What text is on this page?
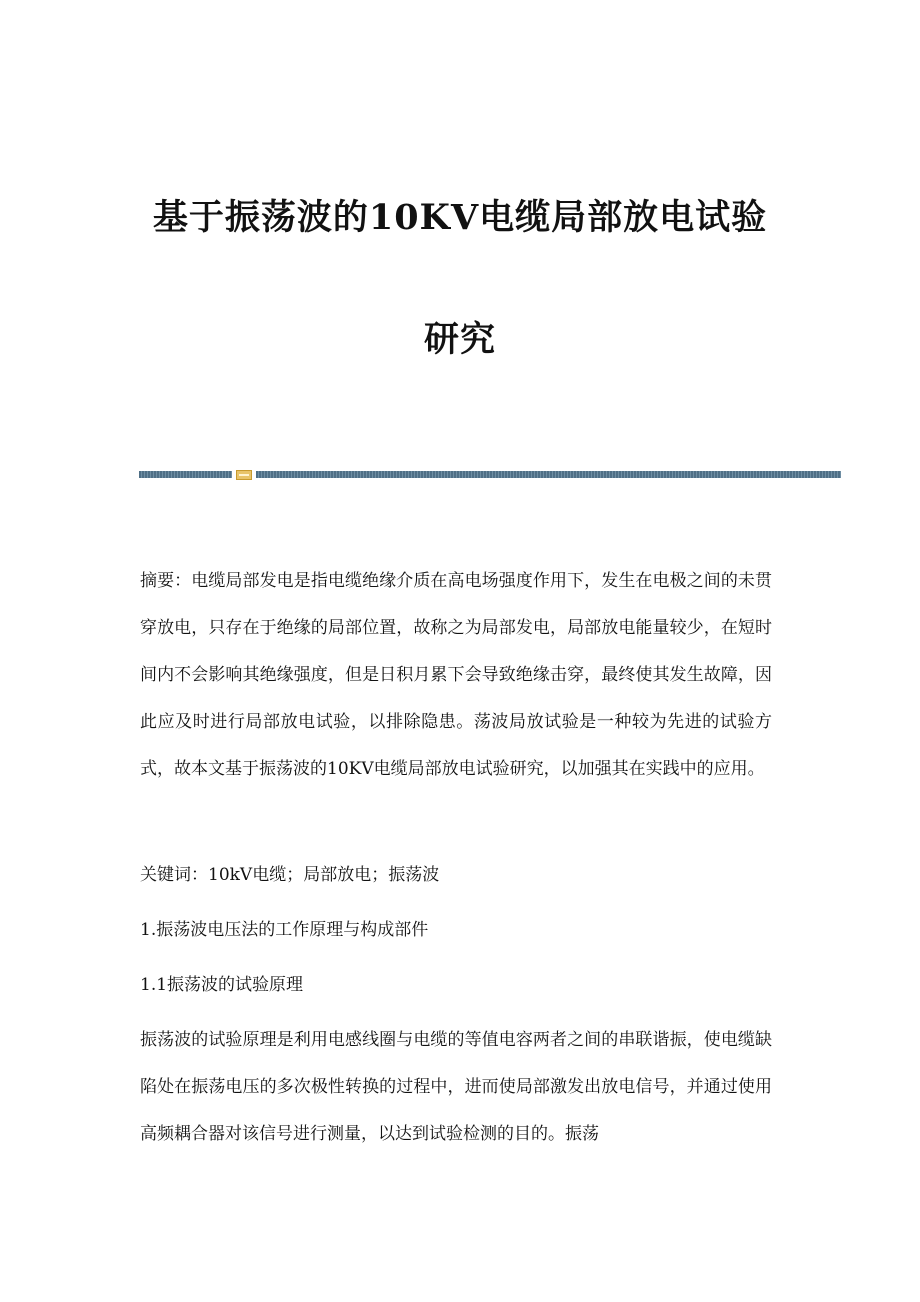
基于振荡波的10KV电缆局部放电试验
研究

摘要：电缆局部发电是指电缆绝缘介质在高电场强度作用下，发生在电极之间的未贯穿放电，只存在于绝缘的局部位置，故称之为局部发电，局部放电能量较少，在短时间内不会影响其绝缘强度，但是日积月累下会导致绝缘击穿，最终使其发生故障，因此应及时进行局部放电试验，以排除隐患。荡波局放试验是一种较为先进的试验方式，故本文基于振荡波的10KV电缆局部放电试验研究，以加强其在实践中的应用。

关键词：10kV电缆；局部放电；振荡波

1.振荡波电压法的工作原理与构成部件

1.1振荡波的试验原理

振荡波的试验原理是利用电感线圈与电缆的等值电容两者之间的串联谐振，使电缆缺陷处在振荡电压的多次极性转换的过程中，进而使局部激发出放电信号，并通过使用高频耦合器对该信号进行测量，以达到试验检测的目的。振荡
